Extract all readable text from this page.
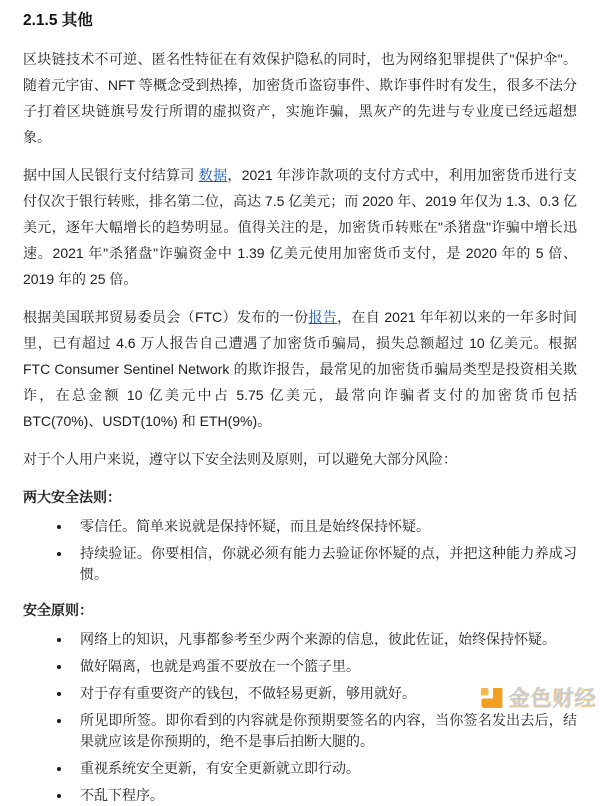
2.1.5 其他

区块链技术不可逆、匿名性特征在有效保护隐私的同时，也为网络犯罪提供了"保护伞"。随着元宇宙、NFT 等概念受到热捧，加密货币盗窃事件、欺诈事件时有发生，很多不法分子打着区块链旗号发行所谓的虚拟资产，实施诈骗，黑灰产的先进与专业度已经远超想象。

据中国人民银行支付结算司 数据，2021 年涉诈款项的支付方式中，利用加密货币进行支付仅次于银行转账，排名第二位，高达 7.5 亿美元；而 2020 年、2019 年仅为 1.3、0.3 亿美元，逐年大幅增长的趋势明显。值得关注的是，加密货币转账在"杀猪盘"诈骗中增长迅速。2021 年"杀猪盘"诈骗资金中 1.39 亿美元使用加密货币支付，是 2020 年的 5 倍、2019 年的 25 倍。

根据美国联邦贸易委员会（FTC）发布的一份报告，在自 2021 年年初以来的一年多时间里，已有超过 4.6 万人报告自己遭遇了加密货币骗局，损失总额超过 10 亿美元。根据 FTC Consumer Sentinel Network 的欺诈报告，最常见的加密货币骗局类型是投资相关欺诈，在总金额 10 亿美元中占 5.75 亿美元，最常向诈骗者支付的加密货币包括 BTC(70%)、USDT(10%) 和 ETH(9%)。

对于个人用户来说，遵守以下安全法则及原则，可以避免大部分风险：

两大安全法则：

• 零信任。简单来说就是保持怀疑，而且是始终保持怀疑。
• 持续验证。你要相信，你就必须有能力去验证你怀疑的点，并把这种能力养成习惯。

安全原则：

• 网络上的知识，凡事都参考至少两个来源的信息，彼此佐证，始终保持怀疑。
• 做好隔离，也就是鸡蛋不要放在一个篮子里。
• 对于存有重要资产的钱包，不做轻易更新，够用就好。
• 所见即所签。即你看到的内容就是你预期要签名的内容，当你签名发出去后，结果就应该是你预期的，绝不是事后拍断大腿的。
• 重视系统安全更新，有安全更新就立即行动。
• 不乱下程序。
金色财经
